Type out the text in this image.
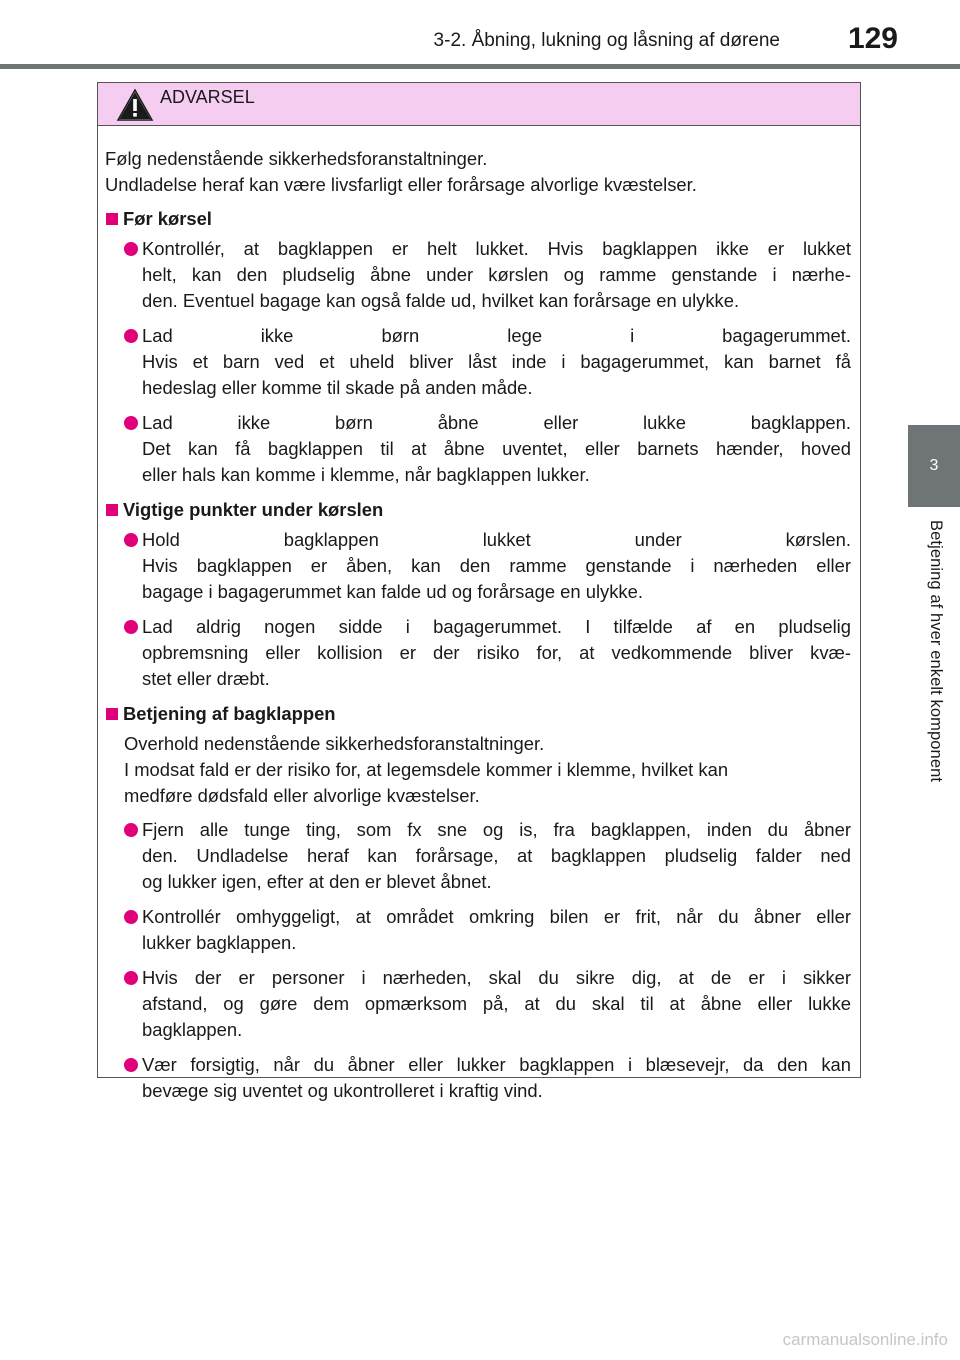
3-2. Åbning, lukning og låsning af dørene	129
3
Betjening af hver enkelt komponent
ADVARSEL
Følg nedenstående sikkerhedsforanstaltninger.
Undladelse heraf kan være livsfarligt eller forårsage alvorlige kvæstelser.
Før kørsel
Kontrollér, at bagklappen er helt lukket. Hvis bagklappen ikke er lukket
helt, kan den pludselig åbne under kørslen og ramme genstande i nærhe-
den. Eventuel bagage kan også falde ud, hvilket kan forårsage en ulykke.
Lad ikke børn lege i bagagerummet.
Hvis et barn ved et uheld bliver låst inde i bagagerummet, kan barnet få
hedeslag eller komme til skade på anden måde.
Lad ikke børn åbne eller lukke bagklappen.
Det kan få bagklappen til at åbne uventet, eller barnets hænder, hoved
eller hals kan komme i klemme, når bagklappen lukker.
Vigtige punkter under kørslen
Hold bagklappen lukket under kørslen.
Hvis bagklappen er åben, kan den ramme genstande i nærheden eller
bagage i bagagerummet kan falde ud og forårsage en ulykke.
Lad aldrig nogen sidde i bagagerummet. I tilfælde af en pludselig
opbremsning eller kollision er der risiko for, at vedkommende bliver kvæ-
stet eller dræbt.
Betjening af bagklappen
Overhold nedenstående sikkerhedsforanstaltninger.
I modsat fald er der risiko for, at legemsdele kommer i klemme, hvilket kan
medføre dødsfald eller alvorlige kvæstelser.
Fjern alle tunge ting, som fx sne og is, fra bagklappen, inden du åbner
den. Undladelse heraf kan forårsage, at bagklappen pludselig falder ned
og lukker igen, efter at den er blevet åbnet.
Kontrollér omhyggeligt, at området omkring bilen er frit, når du åbner eller
lukker bagklappen.
Hvis der er personer i nærheden, skal du sikre dig, at de er i sikker
afstand, og gøre dem opmærksom på, at du skal til at åbne eller lukke
bagklappen.
Vær forsigtig, når du åbner eller lukker bagklappen i blæsevejr, da den kan
bevæge sig uventet og ukontrolleret i kraftig vind.
carmanualsonline.info
